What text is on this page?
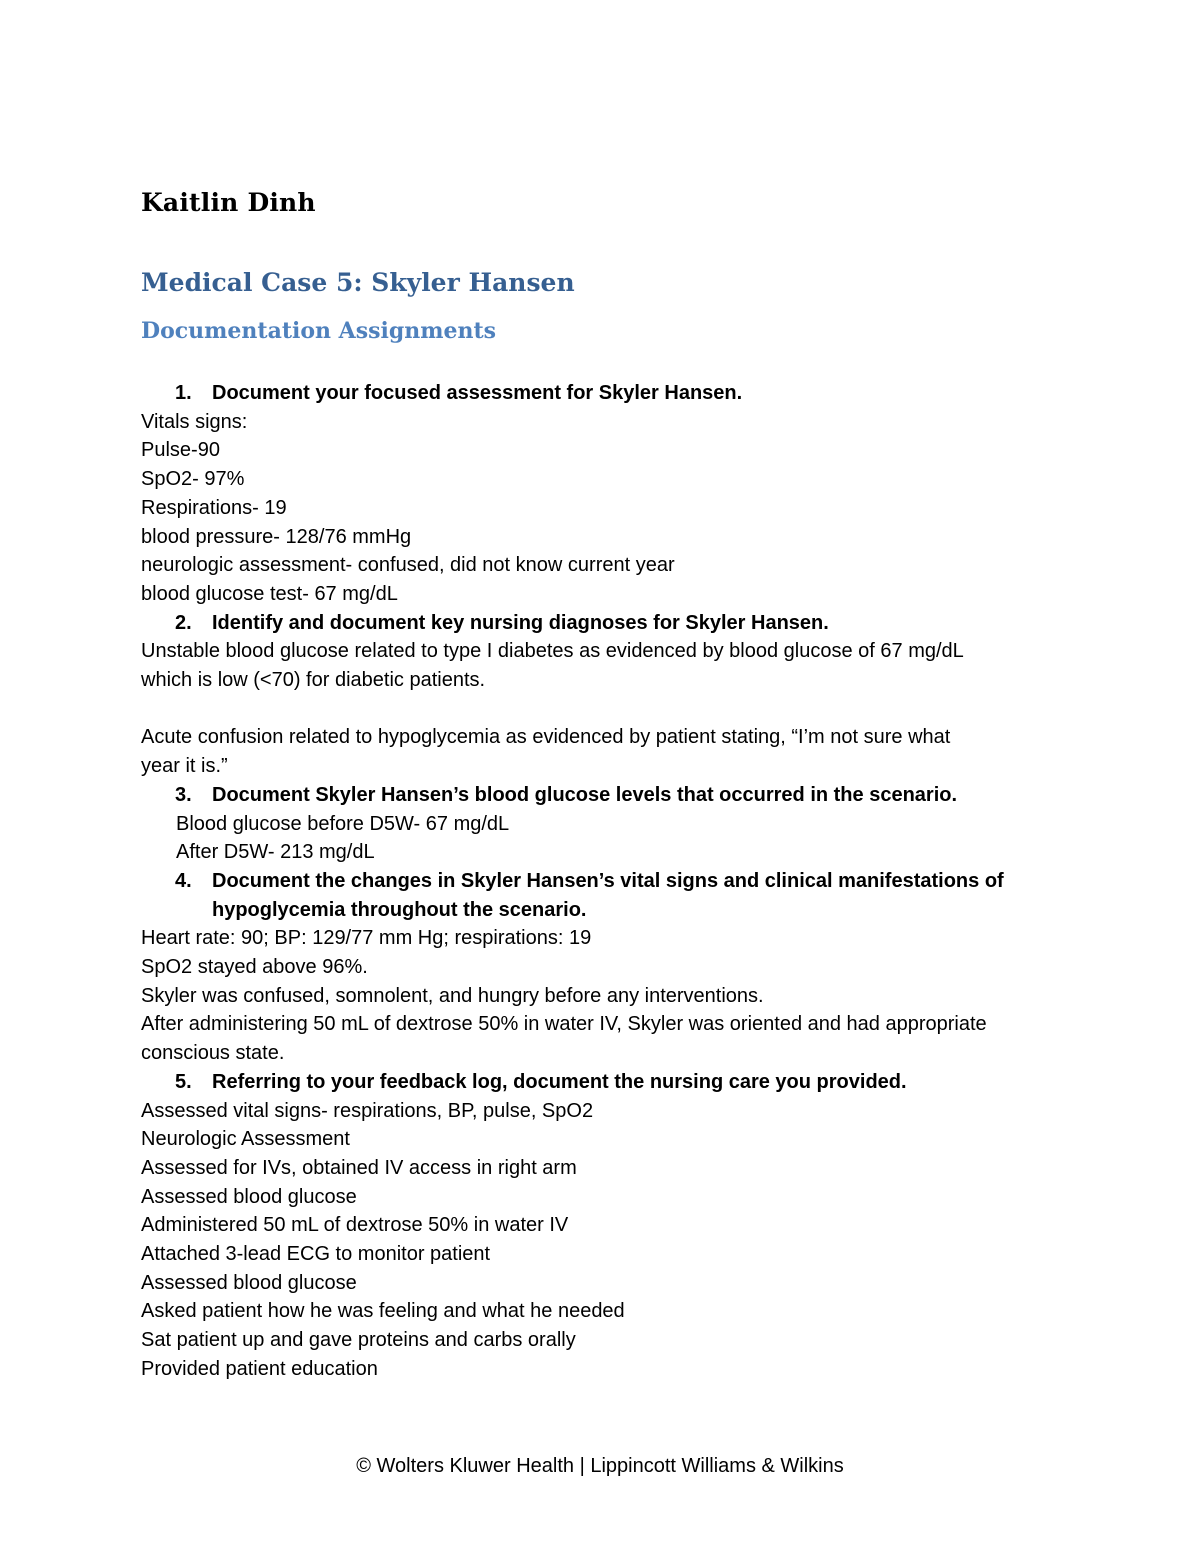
Kaitlin Dinh
Medical Case 5: Skyler Hansen
Documentation Assignments
1. Document your focused assessment for Skyler Hansen.
Vitals signs:
Pulse-90
SpO2- 97%
Respirations- 19
blood pressure- 128/76 mmHg
neurologic assessment- confused, did not know current year
blood glucose test- 67 mg/dL
2. Identify and document key nursing diagnoses for Skyler Hansen.
Unstable blood glucose related to type I diabetes as evidenced by blood glucose of 67 mg/dL
which is low (<70) for diabetic patients.
Acute confusion related to hypoglycemia as evidenced by patient stating, “I’m not sure what
year it is.”
3. Document Skyler Hansen’s blood glucose levels that occurred in the scenario.
Blood glucose before D5W- 67 mg/dL
After D5W- 213 mg/dL
4. Document the changes in Skyler Hansen’s vital signs and clinical manifestations of hypoglycemia throughout the scenario.
Heart rate: 90; BP: 129/77 mm Hg; respirations: 19
SpO2 stayed above 96%.
Skyler was confused, somnolent, and hungry before any interventions.
After administering 50 mL of dextrose 50% in water IV, Skyler was oriented and had appropriate
conscious state.
5. Referring to your feedback log, document the nursing care you provided.
Assessed vital signs- respirations, BP, pulse, SpO2
Neurologic Assessment
Assessed for IVs, obtained IV access in right arm
Assessed blood glucose
Administered 50 mL of dextrose 50% in water IV
Attached 3-lead ECG to monitor patient
Assessed blood glucose
Asked patient how he was feeling and what he needed
Sat patient up and gave proteins and carbs orally
Provided patient education
© Wolters Kluwer Health | Lippincott Williams & Wilkins
